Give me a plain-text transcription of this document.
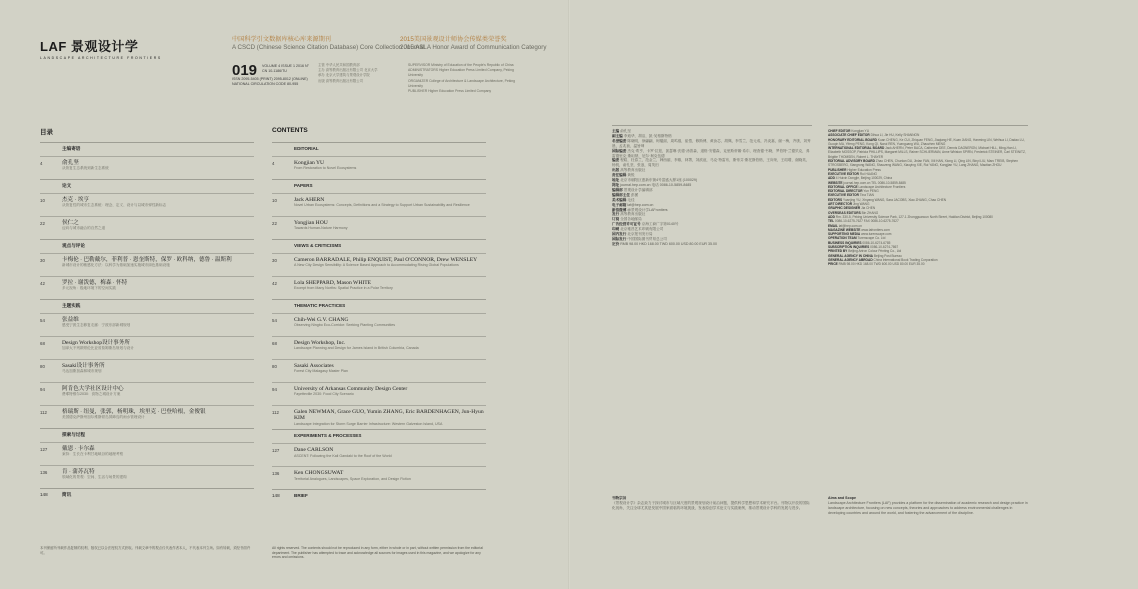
LAF 景观设计学
LANDSCAPE ARCHITECTURE FRONTIERS
中国科学引文数据库核心库来源期刊
A CSCD (Chinese Science Citation Database) Core Collection Journal
2015美国景观设计师协会传媒类荣誉奖
2015 ASLA Honor Award of Communication Category
019 VOLUME 4 ISSUE 1 2016 N°
CN 10-1186/TU
ISSN 2095-5405 (PRINT) 2095-8012 (ONLINE)
NATIONAL CIRCULATION CODE 80-955
主管 中华人民共和国教育部
主办 高等教育出版社有限公司 北京大学
承办 北京大学建筑与景观设计学院
出版 高等教育出版社有限公司
SUPERVISOR Ministry of Education of the People's Republic of China
ADMINISTRATORS Higher Education Press Limited Company, Peking University
ORGANIZER College of Architecture & Landscape Architecture, Peking University
PUBLISHER Higher Education Press Limited Company
目录	CONTENTS
主编寄语
4	俞孔坚
从恢复生态系统到新生态系统
论文
10	杰克 · 埃亨
从恢复性的城市生态系统：理念、定义、设计与以城市弹性新标志
22	侯仁之
迈向与城市融合的自然之道
观点与评论
30	卡梅伦 · 巴勒戴尔，菲利普 · 恩奎斯特，保罗 · 欧科纳，德鲁 · 温斯利
新城市设计的敏感化方法：以科学为基础加速实施城市绿色基础设施
42	罗拉 · 谢泼德，梅森 · 怀特
多元视角：极地环境下的空间实践
主题实践
54	张益维
感受宁波生态修复走廊：宁波东部新城规划
68	Design Workshop设计事务所
加拿大不列颠哥伦比亚省詹姆斯岛规划与设计
80	Sasaki设计事务所
马达加斯加森林城市规划
94	阿肯色大学社区设计中心
费耶特维尔2030：食物之城设计方案
112	格瑞斯 · 纽曼，张郭，杨明珠，埃里克 · 巴登哈根，金俊银
美国德克萨斯州加尔维斯顿岛屏障岛的雨水管理设计
探索与过程
127	戴恩 · 卡尔森
秉持：生长在卡利甘地峡谷的地理考察
136	肯 · 蒲苏瓦特
领域化的景观：空间、生活与场景的建构
148	简讯
EDITORIAL
4	Kongjian YU
From Restoration to Novel Ecosystems
PAPERS
10	Jack AHERN
Novel Urban Ecosystems: Concepts, Definitions and a Strategy to Support Urban Sustainability and Resilience
22	Yongjian HOU
Towards Human-Nature Harmony
VIEWS & CRITICISMS
30	Cameron BARRADALE, Philip ENQUIST, Paul O'CONNOR, Drew WENSLEY
A New City Design Sensibility: A Science Based Approach to Accommodating Rising Global Populations
42	Lola SHEPPARD, Mason WHITE
Excerpt from Many Norths: Spatial Practice in a Polar Territory
THEMATIC PRACTICES
54	Chih-Wei G.V. CHANG
Observing Ningbo Eco-Corridor: Seeking Planting Communities
68	Design Workshop, Inc.
Landscape Planning and Design for James Island in British Columbia, Canada
80	Sasaki Associates
Forest City Malagasy Master Plan
94	University of Arkansas Community Design Center
Fayetteville 2030: Food City Scenario
112	Galen NEWMAN, Grace GUO, Yumin ZHANG, Eric BARDENHAGEN, Jun-Hyun KIM
Landscape Integration for Storm Surge Barrier Infrastructure: Western Galveston Island, USA
EXPERIMENTS & PROCESSES
127	Dane CARLSON
ASCENT: Following the Kali Gandaki to the Roof of the World
136	Ken CHONGSUWAT
Territorial Analogues, Landscapes, Space Exploration, and Design Fiction
148	BRIEF
本刊保留所刊载作品复制的权利，版权已以合法授权方式获取。刊载文章中的观点仅代表作者本人，不代表本刊立场。如有转载，须经书面许可。
All rights reserved. The contents should not be reproduced in any form, either in whole or in part, without written permission from the editorial department. The publisher has attempted to trace and acknowledge all sources for images used in this magazine, and we apologize for any errors and omissions.
主编 俞孔坚
副主编 李迪华，胡洁，凯·吴格斯特格
名誉编委 陈晓明，徐翩翩，柯韫丽，周鸣禧，崔愷，修斯博，黄汝芯，胡佩，李雪兰，范元成，冯炎嘉，谢一梅，齐康，刘秀晨，孟兆祯，温皆坤
国际编委 杰克·埃亨，卡罗·拉兹，凯瑟琳·沃德·汤普森，道格·安德森，克里斯蒂娜·希尔，理查德·韦勒，罗伯特·兰德贝克，弗雷德里克·斯坦纳，尼尔·柯克伍德
编委 程昭，杜春兰，范金兰，韩西丽，李雄，林箐，刘滨谊，马克·特雷布，斯蒂芬·斯托斯伯格，王向荣，王绍增，谢晓英，杨锐，俞孔坚，张浪，周茂田
出版 高等教育出版社
责任编辑 黄锐
地址 北京市朝阳区惠新东街4号富盛大厦1座 (100029)
网址 journal.hep.com.cn 电话 0086-10-5859-8485
编辑部 景观设计学编辑部
编辑部主任 彭赟
美术编辑 毛佳
电子邮箱 laf@hep.com.cn
新浪微博 @景观设计学LAFrontiers
发行 高等教育出版社
订阅 全国各地邮局
广告经营许可证号 京海工商广字第0140号
印刷 北京雅昌艺术印刷有限公司
国内发行 北京报刊发行局
国际发行 中国国际图书贸易总公司
定价 RMB 98.00 HKD 168.00 TWD 600.00 USD 80.00 EUR 35.00
CHIEF EDITOR Kongjian YU
ASSOCIATE CHIEF EDITOR Dihua LI, Jie HU, Kelly SHANNON
HONORARY EDITORIAL BOARD Kuan CHENG, Ke CUI, Zhiquan FENG, Jiaqiang HE, Kuan JIANG, Hanming LIN, Weihua LI, Dadao LU, Guoqin MA, Yifeng PENG, Kong QI, Narui REN, Yuanguang WU, Zhaozhen MENG
INTERNATIONAL EDITORIAL BOARD Jack AHERN, Peter BACA, Catherine DEE, Dennis DAGNERON, Michael HILL, Ming-Han LI, Elizabeth MOSSOP, Patricia PHILLIPS, Margaret MILLS, Rainer SCHLIERMAN, Anne Whiston SPIRN, Frederick STEINER, Carl STEINITZ, Brigitte THOMSEN, Robert L. THAYER
EDITORIAL ADVISORY BOARD Zhao CHEN, Chunlan DU, Jinlan FAN, Xili HAN, Xiong LI, Qing LIN, Binyi LIU, Marc TREIB, Stephen STROSBERG, Xiangrong WANG, Shaozeng WANG, Xiaoying XIE, Rui YANG, Kongjian YU, Lang ZHANG, Maotian ZHOU
PUBLISHER Higher Education Press
EXECUTIVE EDITOR Rui HUANG
ADD 4 Huixin Dongjie, Beijing 100029, China
WEBSITE journal.hep.com.cn TEL 0086-10-5859-8485
EDITORIAL OFFICE Landscape Architecture Frontiers
EDITORIAL DIRECTOR Yun PENG
EXECUTIVE EDITOR Tina TIAN
EDITORS Yuanjing YU, Xinyang WANG, Sara JACOBS, Xiao ZHANG, Chao CHEN
ART DIRECTOR Jing WANG
GRAPHIC DESIGNER Jia CHEN
OVERSEAS EDITORS Bin ZHANG
ADD Rm. 330-5, Peking University Science Park, 127-1 Zhongguancun North Street, Haidian District, Beijing 100080
TEL 0086-10-6275-7627 FAX 0086-10-6275-7627
EMAIL laf@hep.com.cn
MAGAZINE WEBSITE www.lafrontiers.com
SUPPORTING MEDIA www.turenscape.com
OPERATION TEAM Turenscape Co. Ltd
BUSINESS INQUIRIES 0086-10-6274-6785
SUBSCRIPTION INQUIRIES 0086-10-6274-7867
PRINTED BY Beijing Artron Colour Printing Co., Ltd
GENERAL AGENCY IN CHINA Beijing Post Bureau
GENERAL AGENCY ABROAD China International Book Trading Corporation
PRICE RMB 98.00 HKD 168.00 TWD 600.00 USD 80.00 EUR 35.00
刊物宗旨
《景观设计学》杂志致力于探讨城市与区域尺度的景观规划设计前沿问题，提供科学思想和学术研究平台。刊物以开放的国际化视角，关注全球尤其是发展中国家面临的环境挑战，发表原创学术论文与实践案例，推动景观设计学科的发展与进步。
Aims and Scope
Landscape Architecture Frontiers (LAF) provides a platform for the dissemination of academic research and design practice in landscape architecture, focusing on new concepts, theories and approaches to address environmental challenges in developing countries and around the world, and fostering the advancement of the discipline.
